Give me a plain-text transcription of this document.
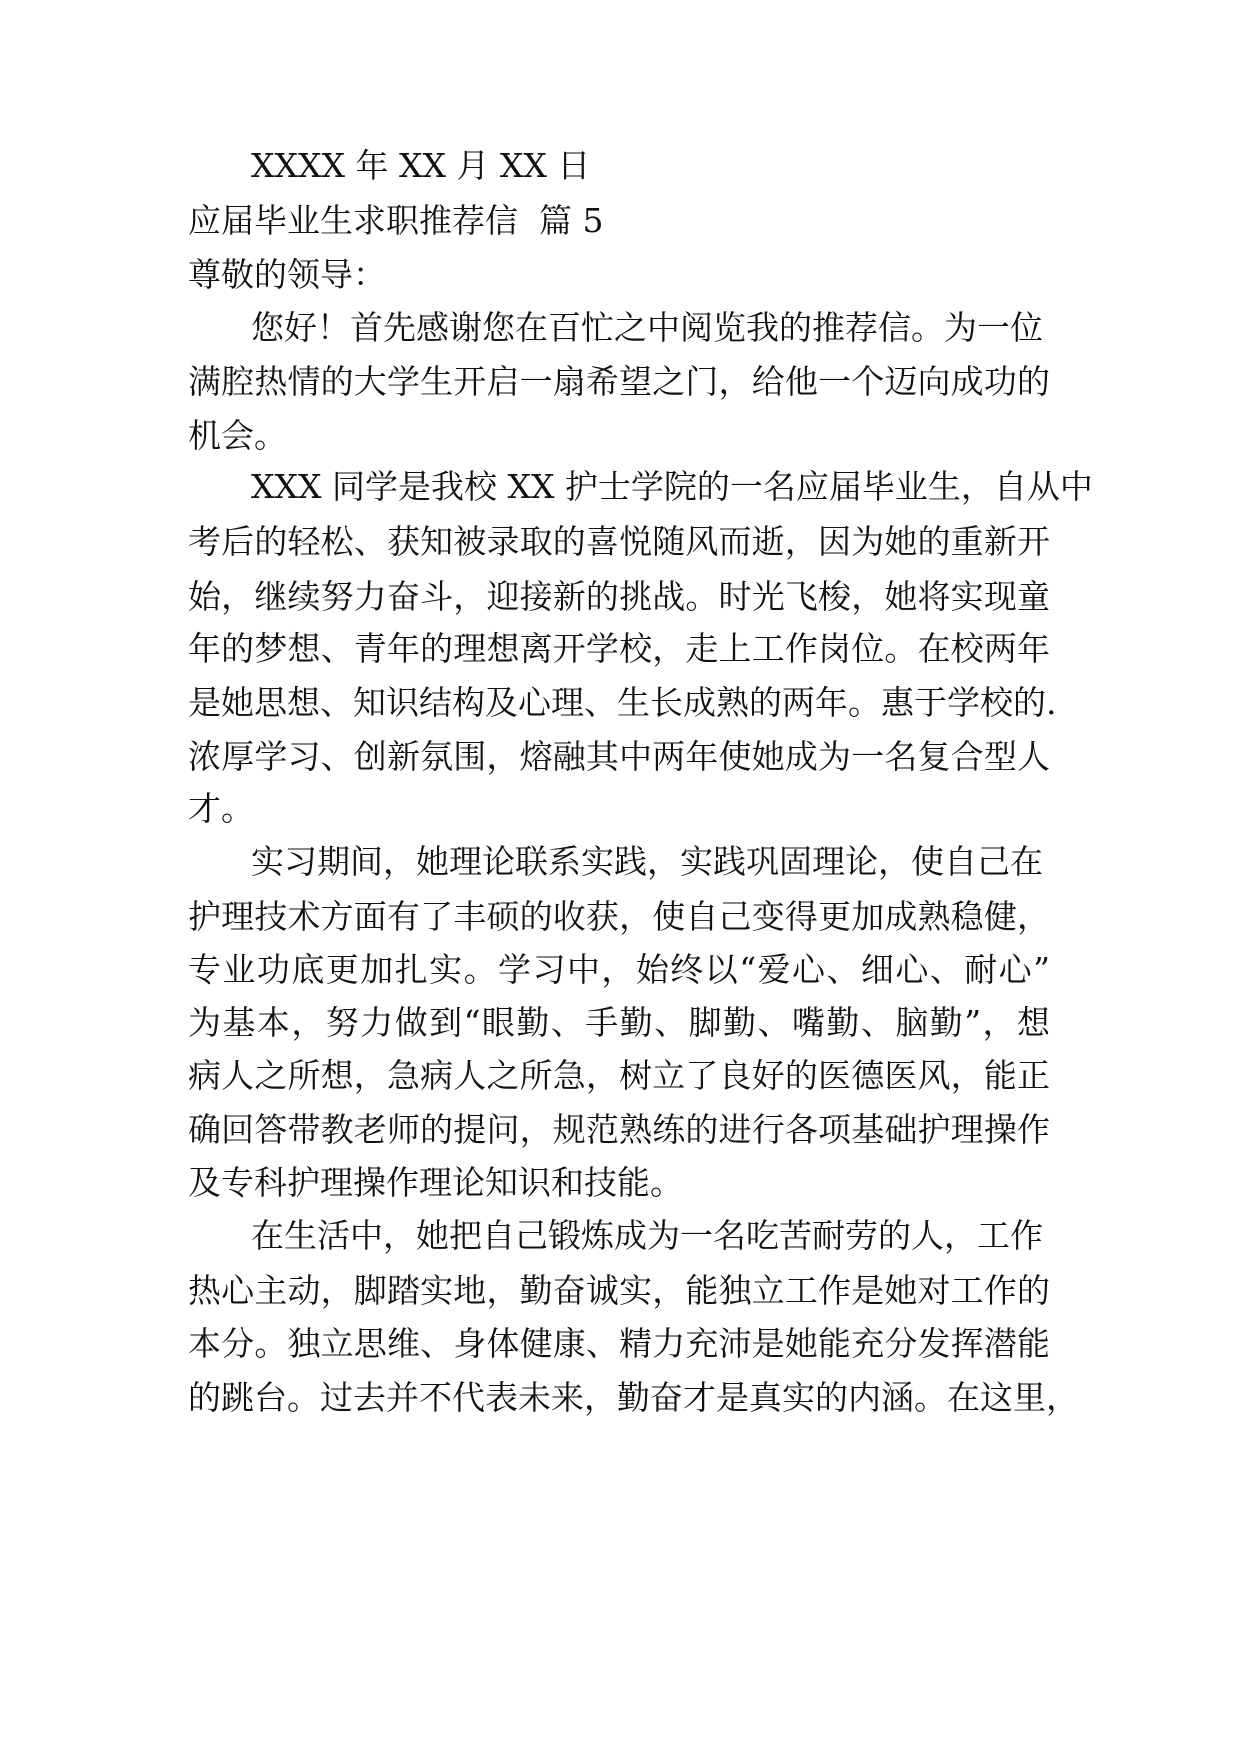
XXXX 年 XX 月 XX 日
应届毕业生求职推荐信  篇 5
尊敬的领导：
您好！首先感谢您在百忙之中阅览我的推荐信。为一位
满腔热情的大学生开启一扇希望之门，给他一个迈向成功的
机会。
XXX 同学是我校 XX 护士学院的一名应届毕业生，自从中
考后的轻松、获知被录取的喜悦随风而逝，因为她的重新开
始，继续努力奋斗，迎接新的挑战。时光飞梭，她将实现童
年的梦想、青年的理想离开学校，走上工作岗位。在校两年
是她思想、知识结构及心理、生长成熟的两年。惠于学校的.
浓厚学习、创新氛围，熔融其中两年使她成为一名复合型人
才。
实习期间，她理论联系实践，实践巩固理论，使自己在
护理技术方面有了丰硕的收获，使自己变得更加成熟稳健，
专业功底更加扎实。学习中，始终以“爱心、细心、耐心”
为基本，努力做到“眼勤、手勤、脚勤、嘴勤、脑勤”，想
病人之所想，急病人之所急，树立了良好的医德医风，能正
确回答带教老师的提问，规范熟练的进行各项基础护理操作
及专科护理操作理论知识和技能。
在生活中，她把自己锻炼成为一名吃苦耐劳的人，工作
热心主动，脚踏实地，勤奋诚实，能独立工作是她对工作的
本分。独立思维、身体健康、精力充沛是她能充分发挥潜能
的跳台。过去并不代表未来，勤奋才是真实的内涵。在这里，
